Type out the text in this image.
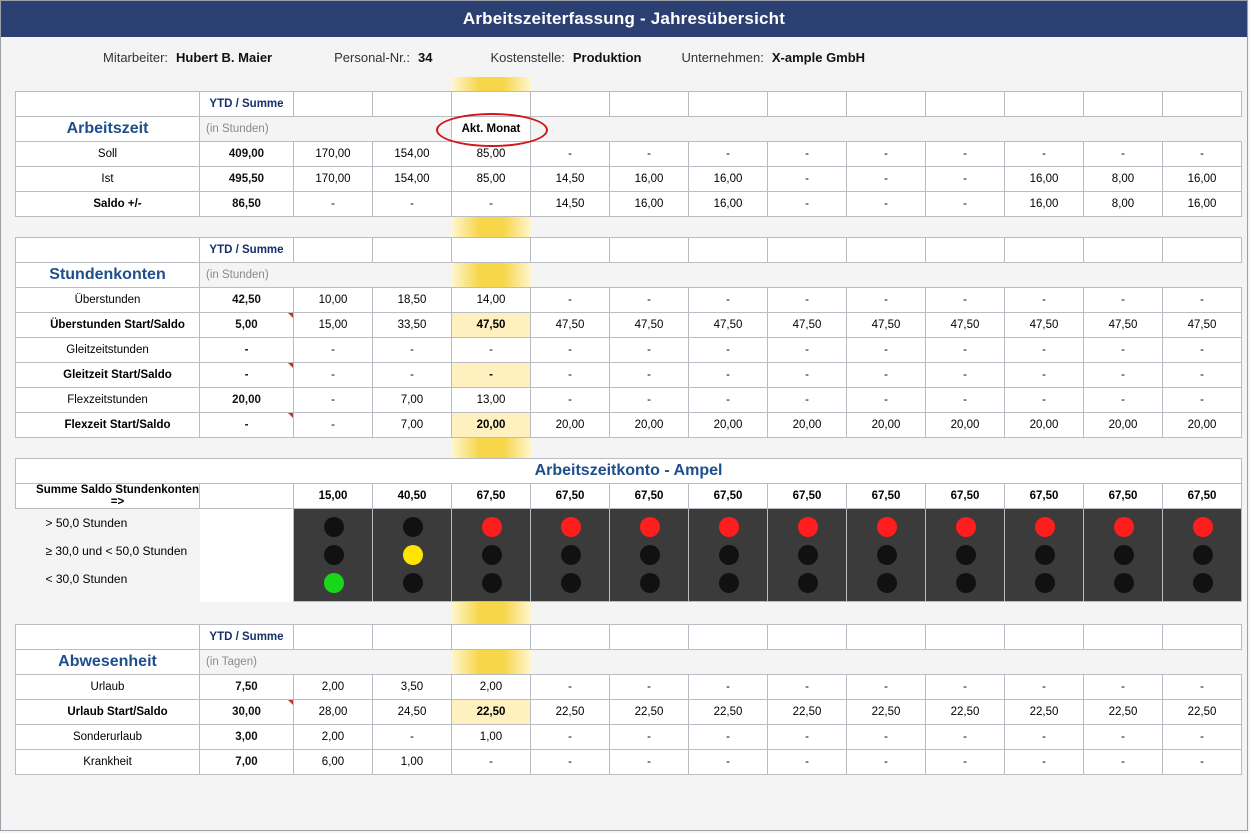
Arbeitszeiterfassung - Jahresübersicht
Mitarbeiter: Hubert B. Maier	Personal-Nr.: 34	Kostenstelle: Produktion	Unternehmen: X-ample GmbH

	YTD / Summe	Jan. 17	Feb. 17	Mrz. 17	Apr. 17	Mai. 17	Jun. 17	Jul. 17	Aug. 17	Sep. 17	Okt. 17	Nov. 17	Dez. 17
Arbeitszeit	(in Stunden)			Akt. Monat

Soll	409,00	170,00	154,00	85,00	-	-	-	-	-	-	-	-	-
Ist	495,50	170,00	154,00	85,00	14,50	16,00	16,00	-	-	-	16,00	8,00	16,00
Saldo +/-	86,50	-	-	-	14,50	16,00	16,00	-	-	-	16,00	8,00	16,00

	YTD / Summe	Jan. 17	Feb. 17	Mrz. 17	Apr. 17	Mai. 17	Jun. 17	Jul. 17	Aug. 17	Sep. 17	Okt. 17	Nov. 17	Dez. 17
Stundenkonten	(in Stunden)												
Überstunden	42,50	10,00	18,50	14,00	-	-	-	-	-	-	-	-	-
Überstunden Start/Saldo	5,00	15,00	33,50	47,50	47,50	47,50	47,50	47,50	47,50	47,50	47,50	47,50	47,50
Gleitzeitstunden	-	-	-	-	-	-	-	-	-	-	-	-	-
Gleitzeit Start/Saldo	-	-	-	-	-	-	-	-	-	-	-	-	-
Flexzeitstunden	20,00	-	7,00	13,00	-	-	-	-	-	-	-	-	-
Flexzeit Start/Saldo	-	-	7,00	20,00	20,00	20,00	20,00	20,00	20,00	20,00	20,00	20,00	20,00

Arbeitszeitkonto - Ampel													
Summe Saldo Stundenkonten =>		15,00	40,50	67,50	67,50	67,50	67,50	67,50	67,50	67,50	67,50	67,50	67,50

> 50,0 Stunden
≥ 30,0 und < 50,0 Stunden
< 30,0 Stunden													

	YTD / Summe	Jan. 17	Feb. 17	Mrz. 17	Apr. 17	Mai. 17	Jun. 17	Jul. 17	Aug. 17	Sep. 17	Okt. 17	Nov. 17	Dez. 17
Abwesenheit	(in Tagen)												
Urlaub	7,50	2,00	3,50	2,00	-	-	-	-	-	-	-	-	-
Urlaub Start/Saldo	30,00	28,00	24,50	22,50	22,50	22,50	22,50	22,50	22,50	22,50	22,50	22,50	22,50
Sonderurlaub	3,00	2,00	-	1,00	-	-	-	-	-	-	-	-	-
Krankheit	7,00	6,00	1,00	-	-	-	-	-	-	-	-	-	-
